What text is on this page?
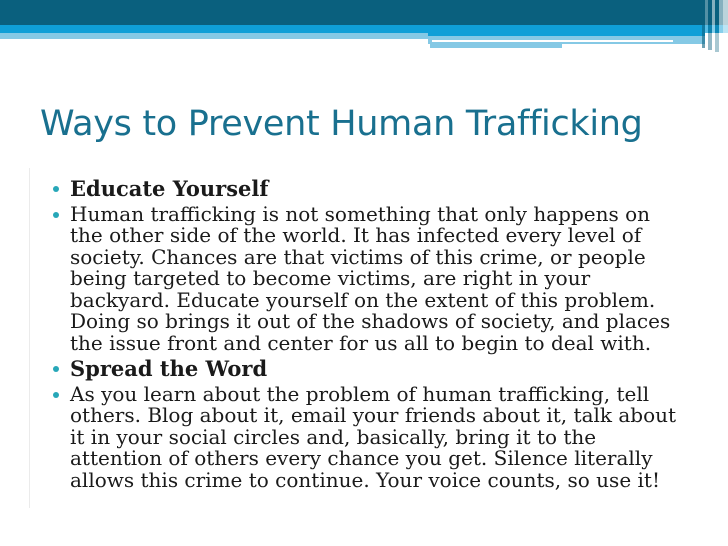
Ways to Prevent Human Trafficking
Educate Yourself
Human trafficking is not something that only happens on the other side of the world. It has infected every level of society. Chances are that victims of this crime, or people being targeted to become victims, are right in your backyard. Educate yourself on the extent of this problem. Doing so brings it out of the shadows of society, and places the issue front and center for us all to begin to deal with.
Spread the Word
As you learn about the problem of human trafficking, tell others. Blog about it, email your friends about it, talk about it in your social circles and, basically, bring it to the attention of others every chance you get. Silence literally allows this crime to continue. Your voice counts, so use it!
